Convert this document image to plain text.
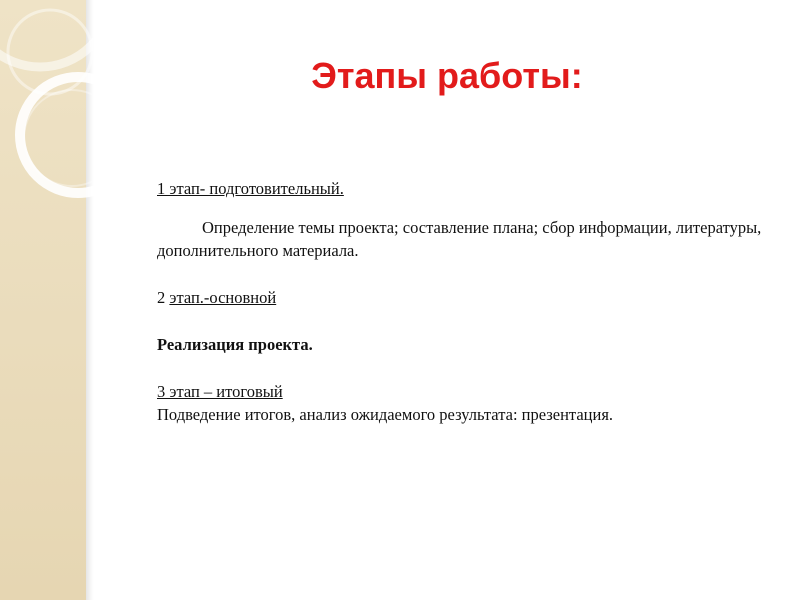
Этапы работы:

1 этап- подготовительный.

Определение темы проекта; составление плана; сбор информации, литературы, дополнительного материала.

2 этап.-основной

Реализация проекта.

3 этап – итоговый

Подведение итогов, анализ ожидаемого результата: презентация.
